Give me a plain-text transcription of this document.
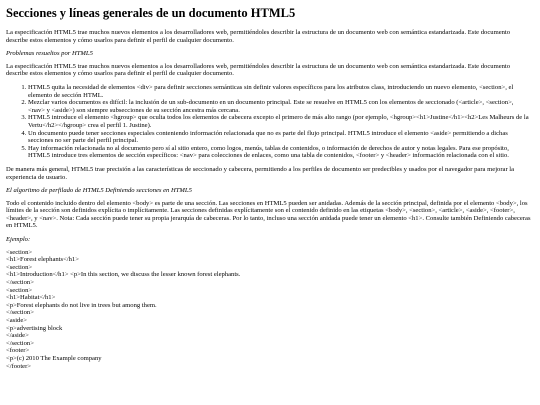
Secciones y líneas generales de un documento HTML5

La especificación HTML5 trae muchos nuevos elementos a los desarrolladores web, permitiéndoles describir la estructura de un documento web con semántica estandarizada. Este documento describe estos elementos y cómo usarlos para definir el perfil de cualquier documento.

Problemas resueltos por HTML5

La especificación HTML5 trae muchos nuevos elementos a los desarrolladores web, permitiéndoles describir la estructura de un documento web con semántica estandarizada. Este documento describe estos elementos y cómo usarlos para definir el perfil de cualquier documento.

1. HTML5 quita la necesidad de elementos <div> para definir secciones semánticas sin definir valores específicos para los atributos class, introduciendo un nuevo elemento, <section>, el elemento de sección HTML.
2. Mezclar varios documentos es difícil: la inclusión de un sub-documento en un documento principal. Este se resuelve en HTML5 con los elementos de seccionado (<article>, <section>, <nav> y <aside>) son siempre subsecciones de su sección ancestra más cercana.
3. HTML5 introduce el elemento <hgroup> que oculta todos los elementos de cabecera excepto el primero de más alto rango (por ejemplo, <hgroup><h1>Justine</h1><h2>Les Malheurs de la Vertu</h2></hgroup> crea el perfil 1. Justine).
4. Un documento puede tener secciones especiales conteniendo información relacionada que no es parte del flujo principal. HTML5 introduce el elemento <aside> permitiendo a dichas secciones no ser parte del perfil principal.
5. Hay información relacionada no al documento pero sí al sitio entero, como logos, menús, tablas de contenidos, o información de derechos de autor y notas legales. Para ese propósito, HTML5 introduce tres elementos de sección específicos: <nav> para colecciones de enlaces, como una tabla de contenidos, <footer> y <header> información relacionada con el sitio.

De manera más general, HTML5 trae precisión a las características de seccionado y cabecera, permitiendo a los perfiles de documento ser predecibles y usados por el navegador para mejorar la experiencia de usuario.

El algoritmo de perfilado de HTML5 Definiendo secciones en HTML5

Todo el contenido incluido dentro del elemento <body> es parte de una sección. Las secciones en HTML5 pueden ser anidadas. Además de la sección principal, definida por el elemento <body>, los límites de la sección son definidos explícita o implícitamente. Las secciones definidas explícitamente son el contenido definido en las etiquetas <body>, <section>, <article>, <aside>, <footer>, <header>, y <nav>. Nota: Cada sección puede tener su propia jerarquía de cabeceras. Por lo tanto, incluso una sección anidada puede tener un elemento <h1>. Consulte también Definiendo cabeceras en HTML5.

Ejemplo:

<section>
<h1>Forest elephants</h1>
<section>
<h1>Introduction</h1> <p>In this section, we discuss the lesser known forest elephants.
</section>
<section>
<h1>Habitat</h1>
<p>Forest elephants do not live in trees but among them.
</section>
<aside>
<p>advertising block
</aside>
</section>
<footer>
<p>(c) 2010 The Example company
</footer>
